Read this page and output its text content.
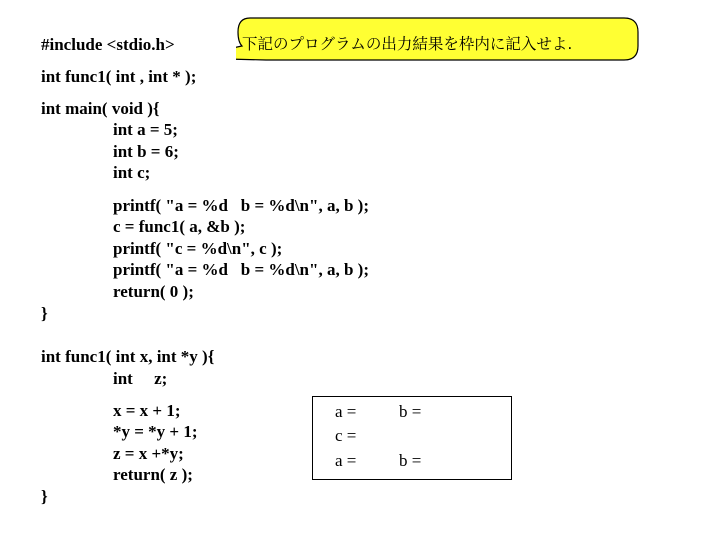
下記のプログラムの出力結果を枠内に記入せよ.
#include <stdio.h>
int func1( int , int * );
int main( void ){
int a = 5;
int b = 6;
int c;
printf( "a = %d   b = %d\n", a, b );
c = func1( a, &b );
printf( "c = %d\n", c );
printf( "a = %d   b = %d\n", a, b );
return( 0 );
}
int func1( int x, int *y ){
int     z;
x = x + 1;
*y = *y + 1;
z = x +*y;
return( z );
}
a =	b =
c =
a =	b =
